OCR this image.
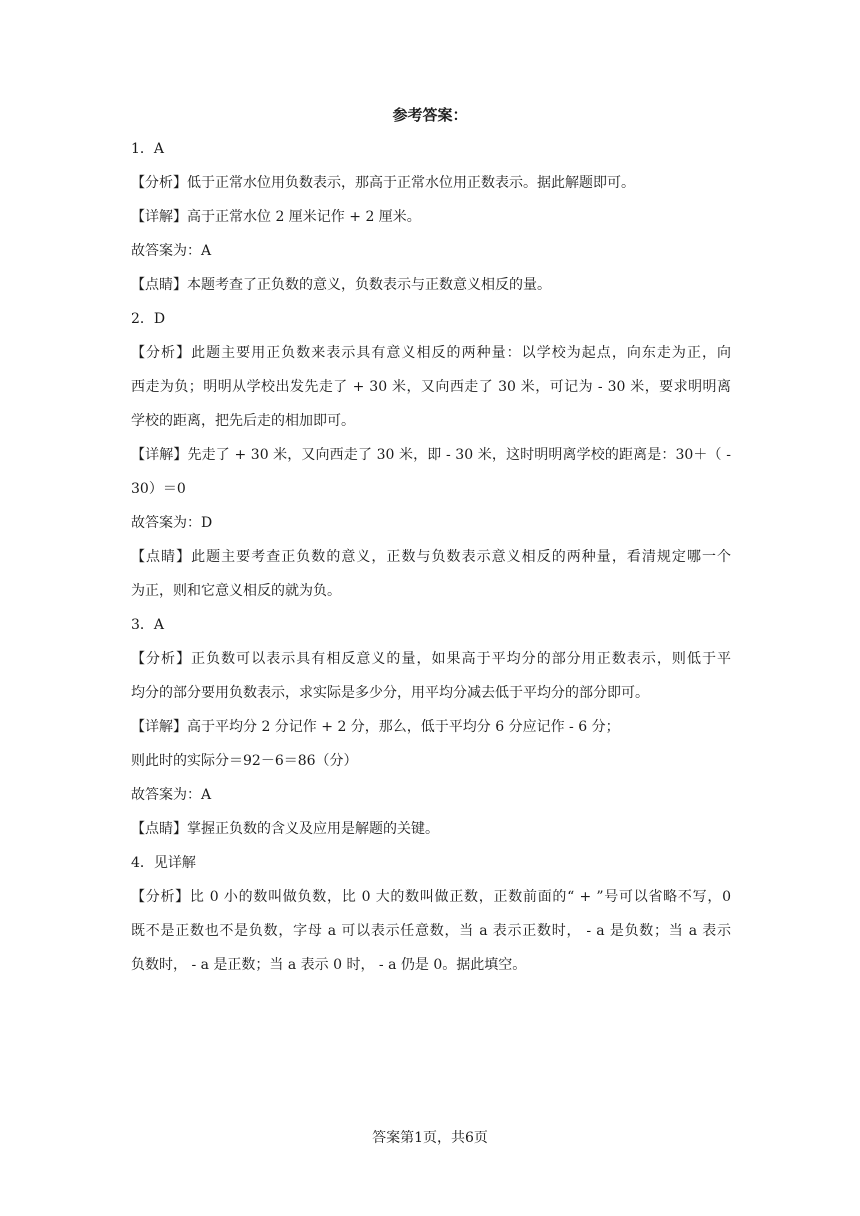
参考答案：
1．A
【分析】低于正常水位用负数表示，那高于正常水位用正数表示。据此解题即可。
【详解】高于正常水位 2 厘米记作 + 2 厘米。
故答案为：A
【点睛】本题考查了正负数的意义，负数表示与正数意义相反的量。
2．D
【分析】此题主要用正负数来表示具有意义相反的两种量：以学校为起点，向东走为正，向
西走为负；明明从学校出发先走了 + 30 米，又向西走了 30 米，可记为 - 30 米，要求明明离
学校的距离，把先后走的相加即可。
【详解】先走了 + 30 米，又向西走了 30 米，即 - 30 米，这时明明离学校的距离是：30＋（ -
30）＝0
故答案为：D
【点睛】此题主要考查正负数的意义，正数与负数表示意义相反的两种量，看清规定哪一个
为正，则和它意义相反的就为负。
3．A
【分析】正负数可以表示具有相反意义的量，如果高于平均分的部分用正数表示，则低于平
均分的部分要用负数表示，求实际是多少分，用平均分减去低于平均分的部分即可。
【详解】高于平均分 2 分记作 + 2 分，那么，低于平均分 6 分应记作 - 6 分；
则此时的实际分＝92－6＝86（分）
故答案为：A
【点睛】掌握正负数的含义及应用是解题的关键。
4．见详解
【分析】比 0 小的数叫做负数，比 0 大的数叫做正数，正数前面的“ + ”号可以省略不写，0
既不是正数也不是负数，字母 a 可以表示任意数，当 a 表示正数时， - a 是负数；当 a 表示
负数时， - a 是正数；当 a 表示 0 时， - a 仍是 0。据此填空。
答案第1页，共6页
